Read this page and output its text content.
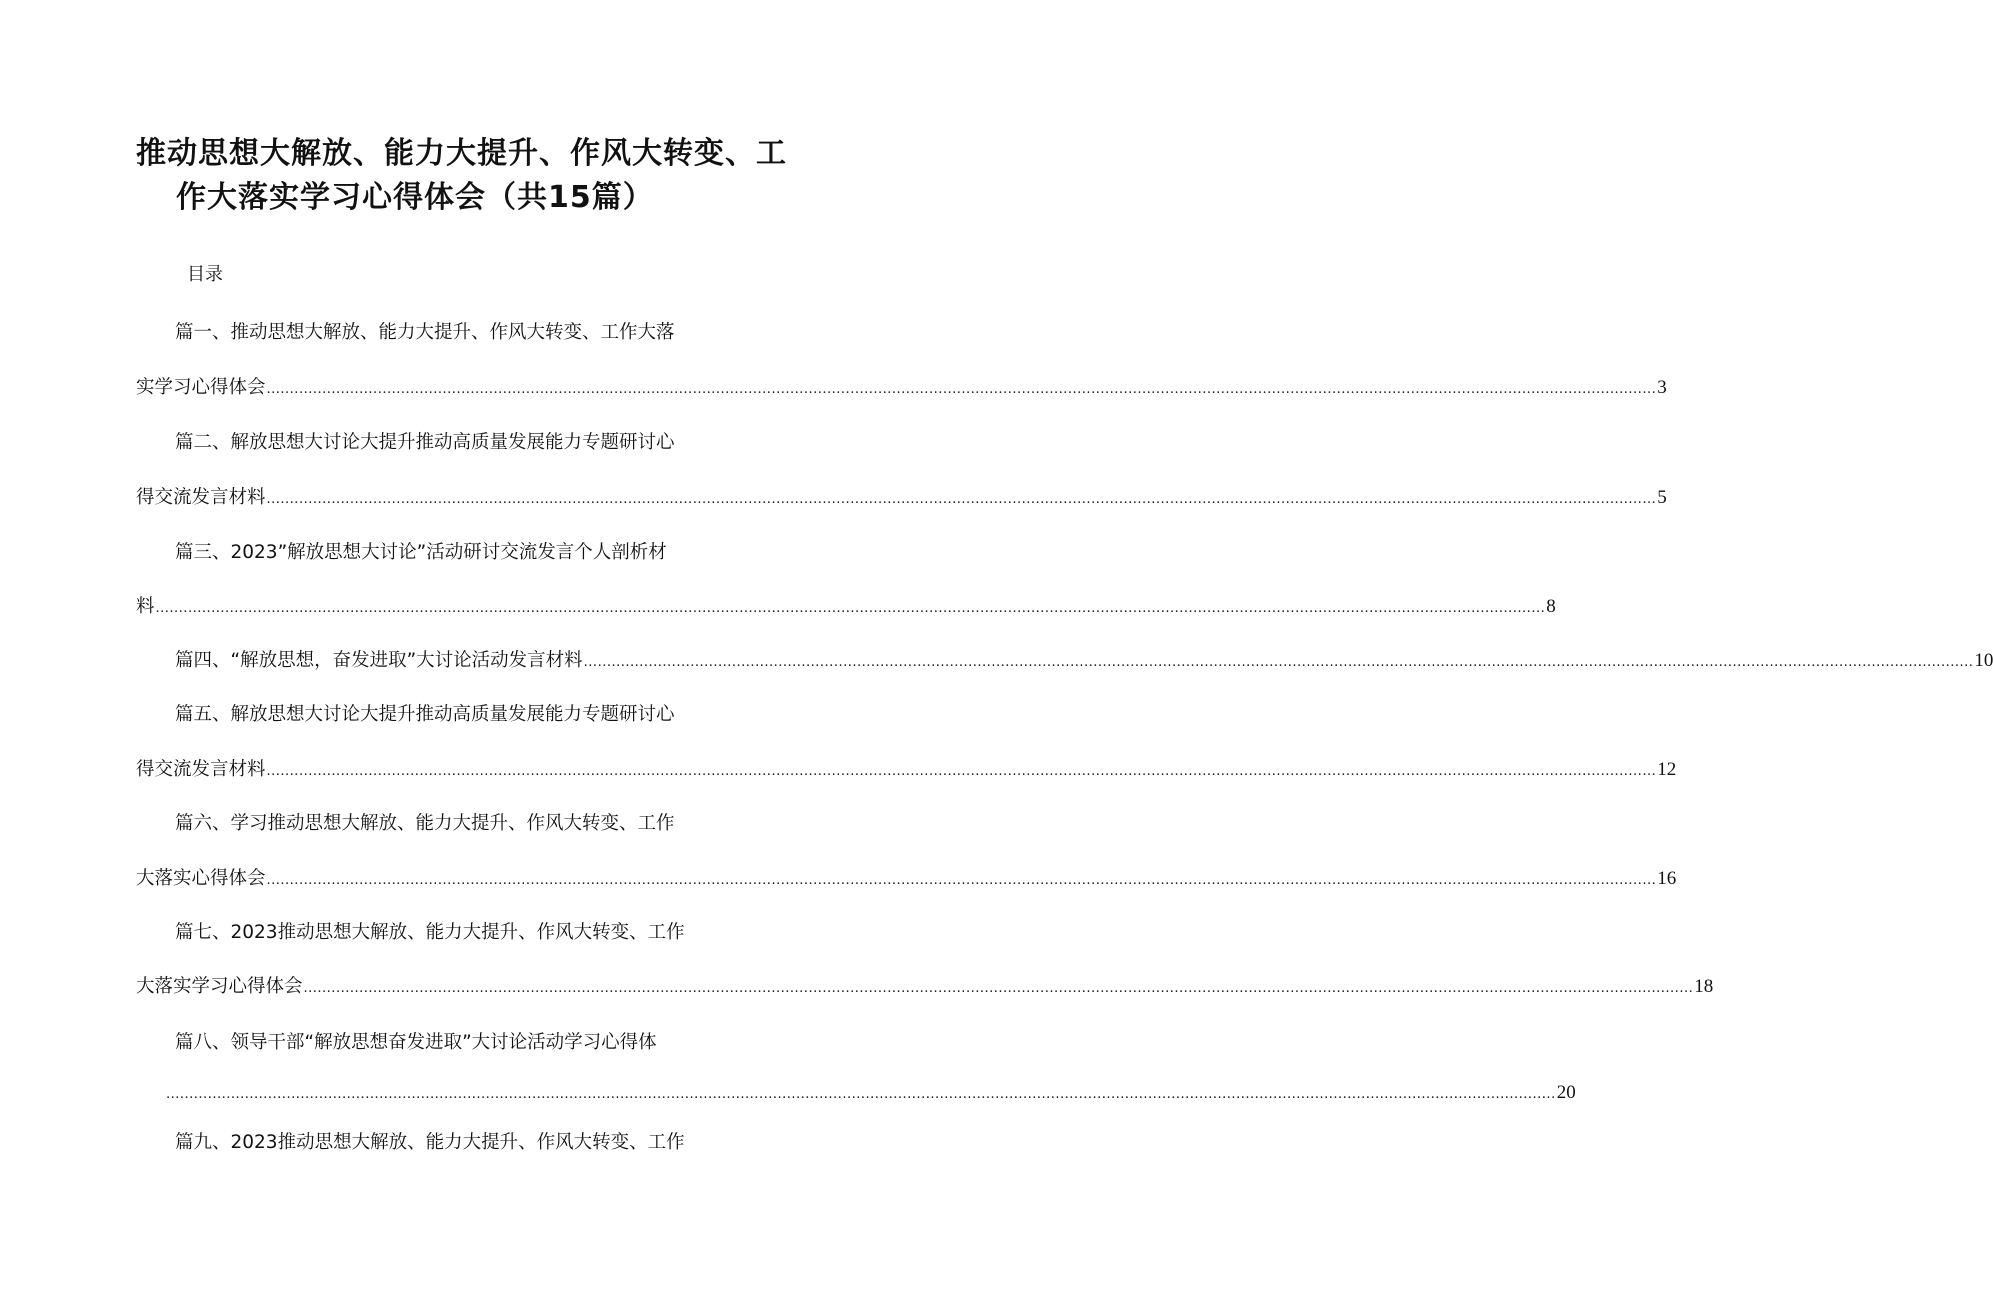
推动思想大解放、能力大提升、作风大转变、工
作大落实学习心得体会（共15篇）
目录
篇一、推动思想大解放、能力大提升、作风大转变、工作大落
实学习心得体会 ............................................................................................................................................................................................................................................................................................................ 3
篇二、解放思想大讨论大提升推动高质量发展能力专题研讨心
得交流发言材料 ............................................................................................................................................................................................................................................................................................................ 5
篇三、2023”解放思想大讨论”活动研讨交流发言个人剖析材
料 ............................................................................................................................................................................................................................................................................................................ 8
篇四、“解放思想，奋发进取”大讨论活动发言材料 ............................................................................................................................................................................................................................................................................................................ 10
篇五、解放思想大讨论大提升推动高质量发展能力专题研讨心
得交流发言材料 ............................................................................................................................................................................................................................................................................................................ 12
篇六、学习推动思想大解放、能力大提升、作风大转变、工作
大落实心得体会 ............................................................................................................................................................................................................................................................................................................ 16
篇七、2023推动思想大解放、能力大提升、作风大转变、工作
大落实学习心得体会 ............................................................................................................................................................................................................................................................................................................ 18
篇八、领导干部“解放思想奋发进取”大讨论活动学习心得体
............................................................................................................................................................................................................................................................................................................ 20
篇九、2023推动思想大解放、能力大提升、作风大转变、工作
